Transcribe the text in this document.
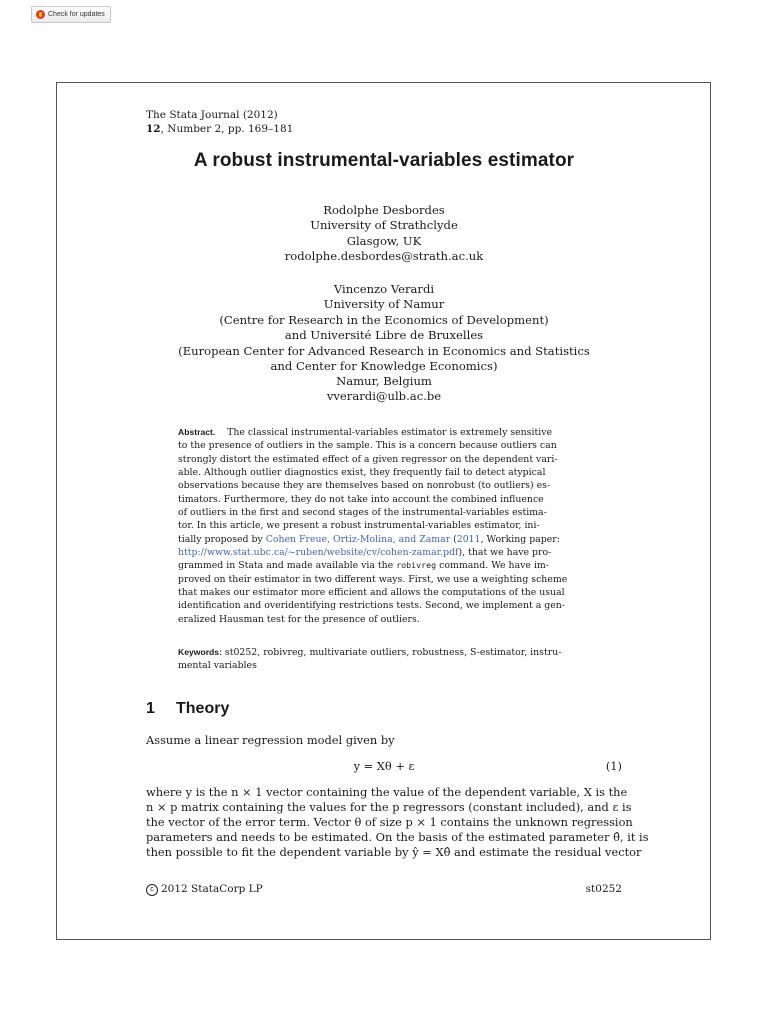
Check for updates
The Stata Journal (2012)
12, Number 2, pp. 169–181
A robust instrumental-variables estimator
Rodolphe Desbordes
University of Strathclyde
Glasgow, UK
rodolphe.desbordes@strath.ac.uk
Vincenzo Verardi
University of Namur
(Centre for Research in the Economics of Development)
and Université Libre de Bruxelles
(European Center for Advanced Research in Economics and Statistics
and Center for Knowledge Economics)
Namur, Belgium
vverardi@ulb.ac.be
Abstract. The classical instrumental-variables estimator is extremely sensitive
to the presence of outliers in the sample. This is a concern because outliers can
strongly distort the estimated effect of a given regressor on the dependent vari-
able. Although outlier diagnostics exist, they frequently fail to detect atypical
observations because they are themselves based on nonrobust (to outliers) es-
timators. Furthermore, they do not take into account the combined influence
of outliers in the first and second stages of the instrumental-variables estima-
tor. In this article, we present a robust instrumental-variables estimator, ini-
tially proposed by Cohen Freue, Ortiz-Molina, and Zamar (2011, Working paper:
http://www.stat.ubc.ca/~ruben/website/cv/cohen-zamar.pdf), that we have pro-
grammed in Stata and made available via the robivreg command. We have im-
proved on their estimator in two different ways. First, we use a weighting scheme
that makes our estimator more efficient and allows the computations of the usual
identification and overidentifying restrictions tests. Second, we implement a gen-
eralized Hausman test for the presence of outliers.
Keywords: st0252, robivreg, multivariate outliers, robustness, S-estimator, instru-
mental variables
1 Theory
Assume a linear regression model given by
y = Xθ + ε	(1)
where y is the n × 1 vector containing the value of the dependent variable, X is the
n × p matrix containing the values for the p regressors (constant included), and ε is
the vector of the error term. Vector θ of size p × 1 contains the unknown regression
parameters and needs to be estimated. On the basis of the estimated parameter θ̂, it is
then possible to fit the dependent variable by ŷ = Xθ̂ and estimate the residual vector
c 2012 StataCorp LP	st0252
